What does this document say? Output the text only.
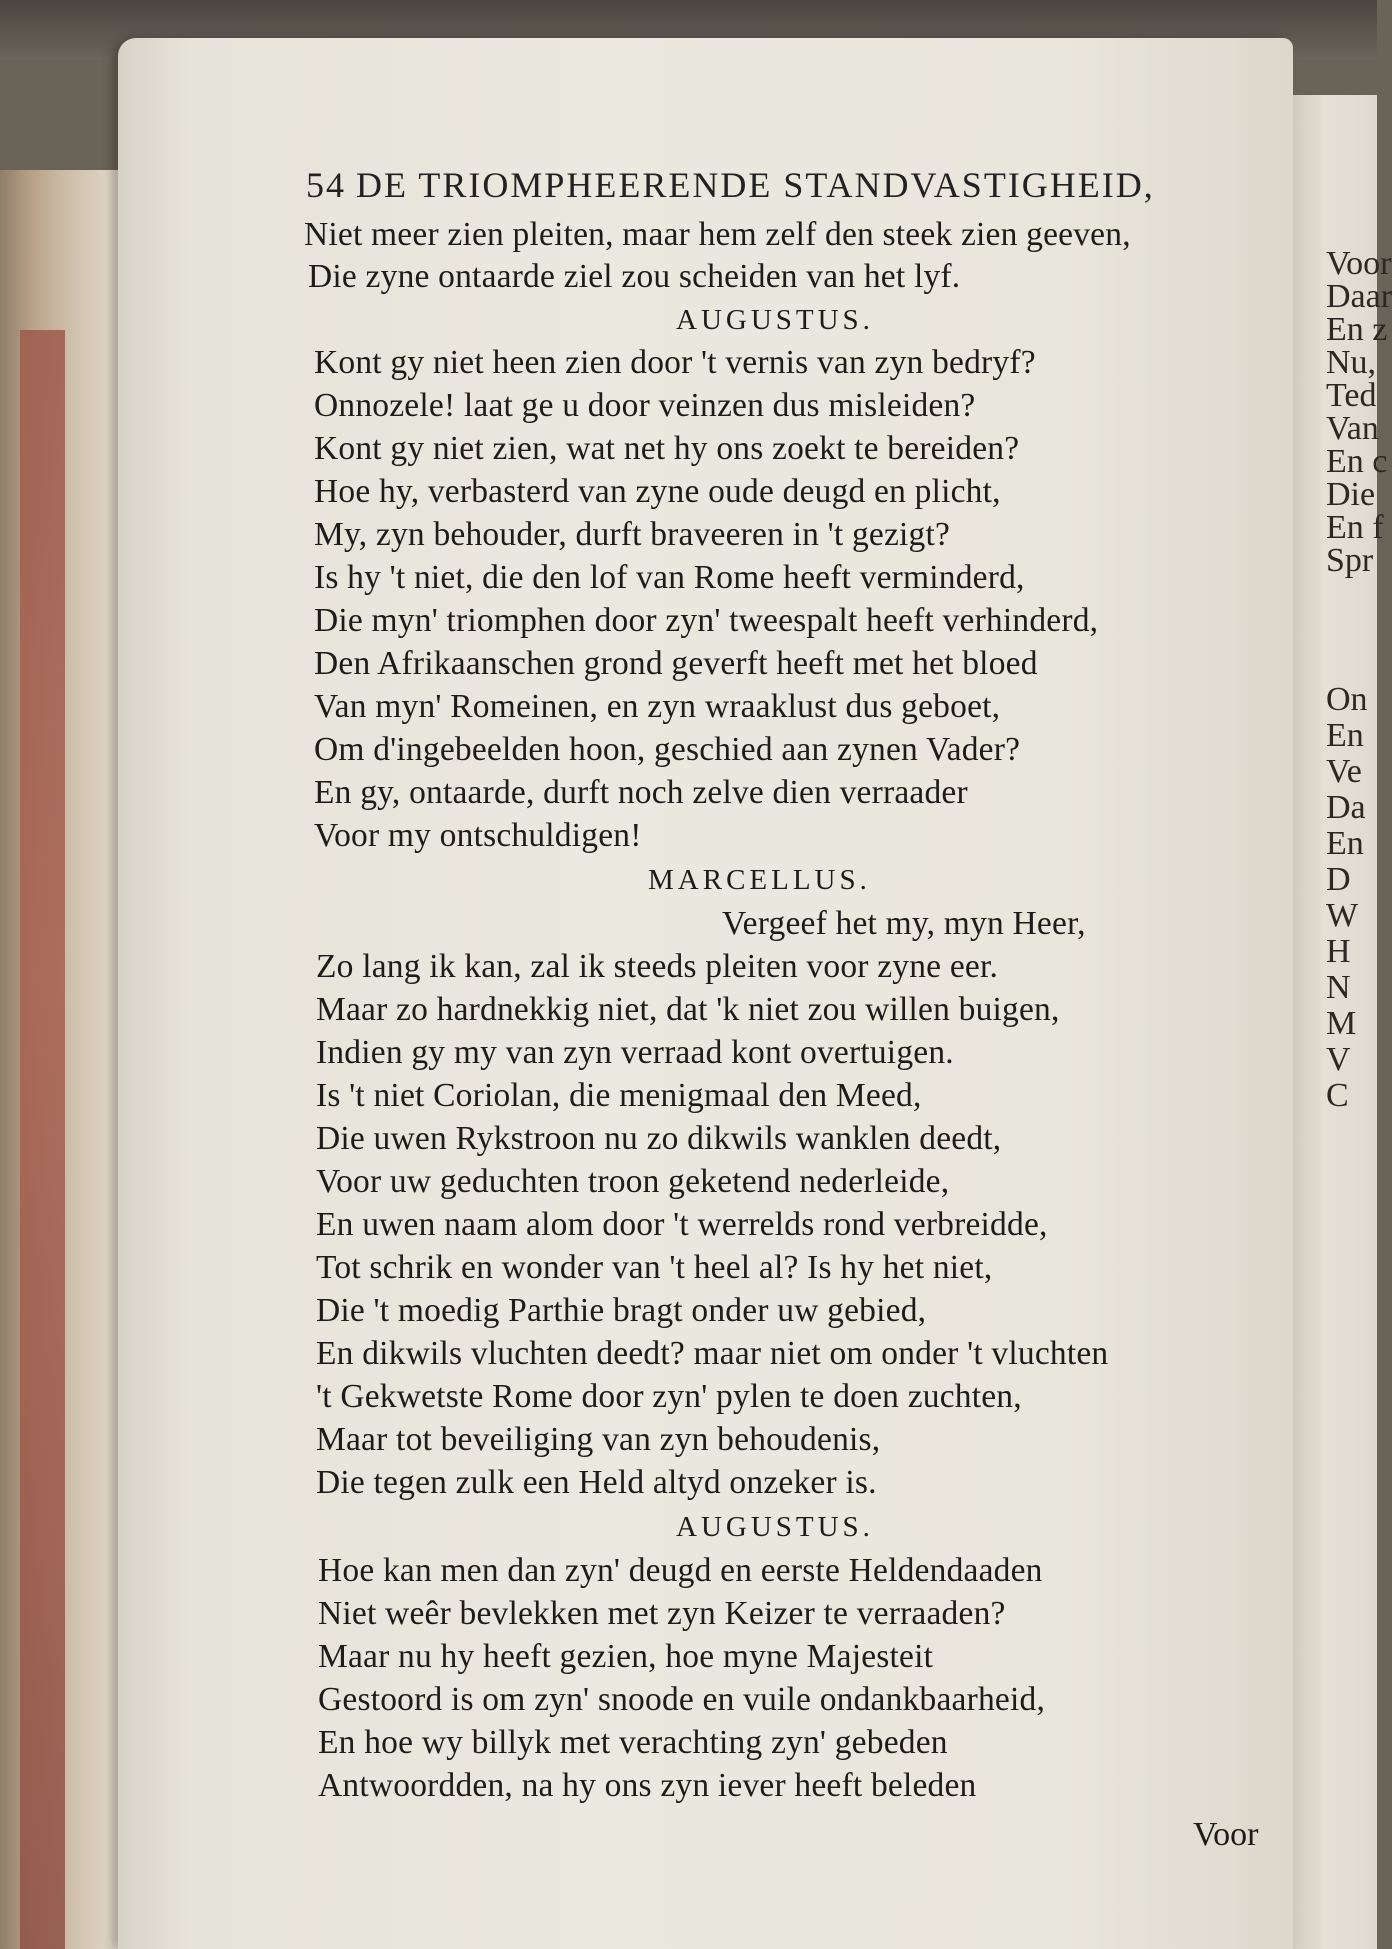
Voor
Daar
En z
Nu,
Ted
Van
En c
Die
En f
Spr
On
En
Ve
Da
En
D
W
H
N
M
V
C
54 DE TRIOMPHEERENDE STANDVASTIGHEID,
Niet meer zien pleiten, maar hem zelf den steek zien geeven,
Die zyne ontaarde ziel zou scheiden van het lyf.
AUGUSTUS.
Kont gy niet heen zien door 't vernis van zyn bedryf?
Onnozele! laat ge u door veinzen dus misleiden?
Kont gy niet zien, wat net hy ons zoekt te bereiden?
Hoe hy, verbasterd van zyne oude deugd en plicht,
My, zyn behouder, durft braveeren in 't gezigt?
Is hy 't niet, die den lof van Rome heeft verminderd,
Die myn' triomphen door zyn' tweespalt heeft verhinderd,
Den Afrikaanschen grond geverft heeft met het bloed
Van myn' Romeinen, en zyn wraaklust dus geboet,
Om d'ingebeelden hoon, geschied aan zynen Vader?
En gy, ontaarde, durft noch zelve dien verraader
Voor my ontschuldigen!
MARCELLUS.
Vergeef het my, myn Heer,
Zo lang ik kan, zal ik steeds pleiten voor zyne eer.
Maar zo hardnekkig niet, dat 'k niet zou willen buigen,
Indien gy my van zyn verraad kont overtuigen.
Is 't niet Coriolan, die menigmaal den Meed,
Die uwen Rykstroon nu zo dikwils wanklen deedt,
Voor uw geduchten troon geketend nederleide,
En uwen naam alom door 't werrelds rond verbreidde,
Tot schrik en wonder van 't heel al? Is hy het niet,
Die 't moedig Parthie bragt onder uw gebied,
En dikwils vluchten deedt? maar niet om onder 't vluchten
't Gekwetste Rome door zyn' pylen te doen zuchten,
Maar tot beveiliging van zyn behoudenis,
Die tegen zulk een Held altyd onzeker is.
AUGUSTUS.
Hoe kan men dan zyn' deugd en eerste Heldendaaden
Niet weêr bevlekken met zyn Keizer te verraaden?
Maar nu hy heeft gezien, hoe myne Majesteit
Gestoord is om zyn' snoode en vuile ondankbaarheid,
En hoe wy billyk met verachting zyn' gebeden
Antwoordden, na hy ons zyn iever heeft beleden
Voor
